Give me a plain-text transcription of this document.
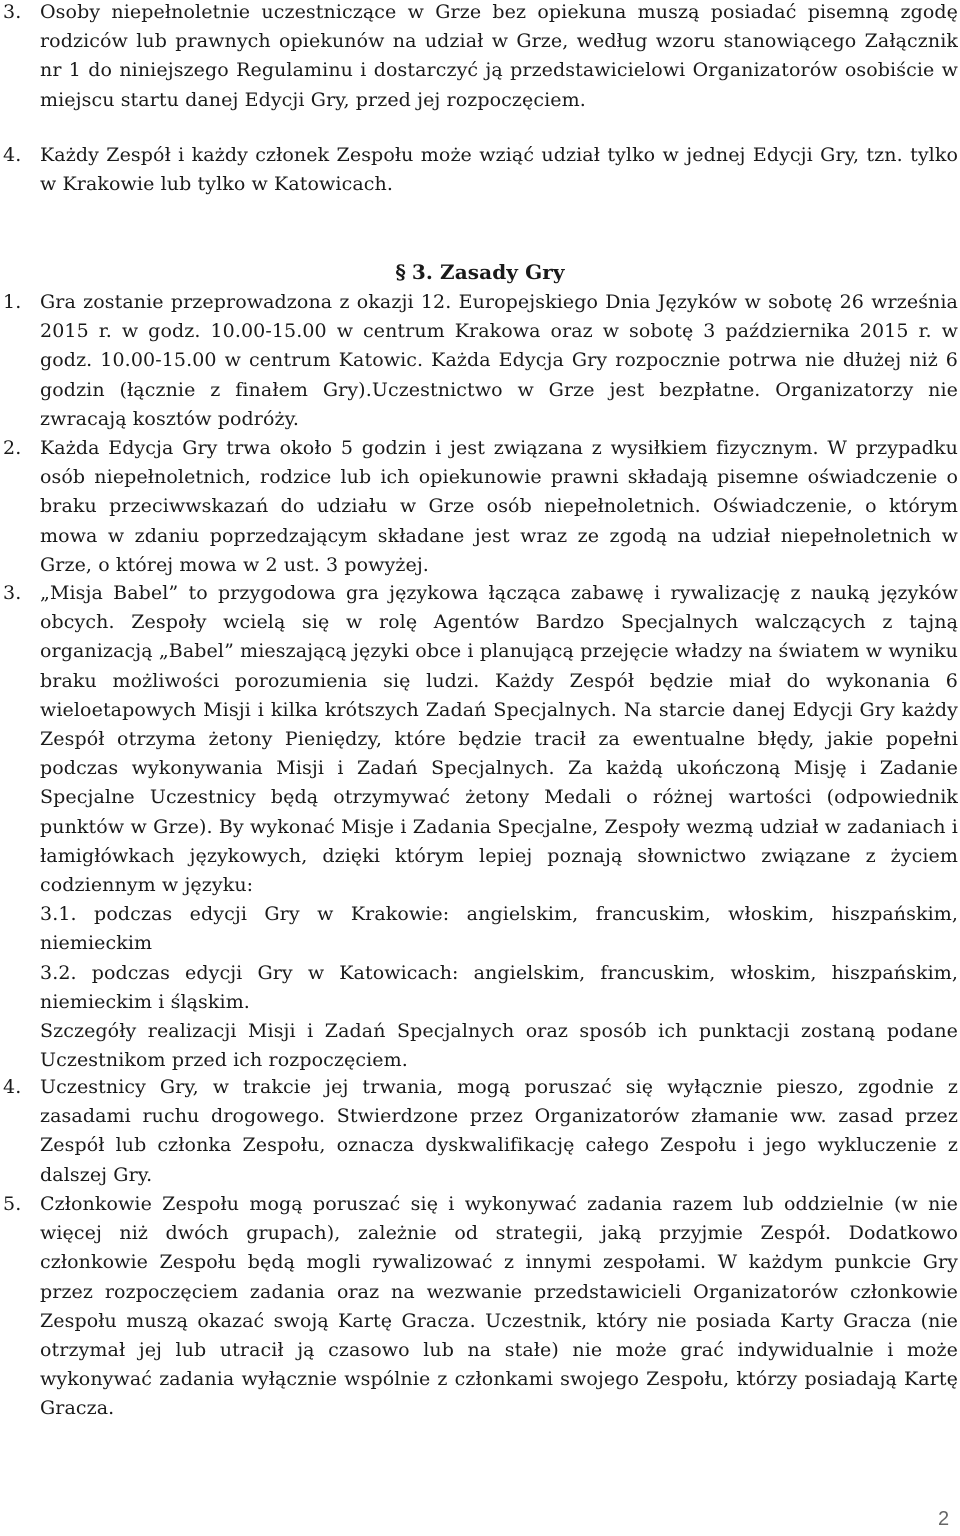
3. Osoby niepełnoletnie uczestniczące w Grze bez opiekuna muszą posiadać pisemną zgodę rodziców lub prawnych opiekunów na udział w Grze, według wzoru stanowiącego Załącznik nr 1 do niniejszego Regulaminu i dostarczyć ją przedstawicielowi Organizatorów osobiście w miejscu startu danej Edycji Gry, przed jej rozpoczęciem.
4. Każdy Zespół i każdy członek Zespołu może wziąć udział tylko w jednej Edycji Gry, tzn. tylko w Krakowie lub tylko w Katowicach.
§ 3. Zasady Gry
1. Gra zostanie przeprowadzona z okazji 12. Europejskiego Dnia Języków w sobotę 26 września 2015 r. w godz. 10.00-15.00 w centrum Krakowa oraz w sobotę 3 października 2015 r. w godz. 10.00-15.00 w centrum Katowic. Każda Edycja Gry rozpocznie potrwa nie dłużej niż 6 godzin (łącznie z finałem Gry).Uczestnictwo w Grze jest bezpłatne. Organizatorzy nie zwracają kosztów podróży.
2. Każda Edycja Gry trwa około 5 godzin i jest związana z wysiłkiem fizycznym. W przypadku osób niepełnoletnich, rodzice lub ich opiekunowie prawni składają pisemne oświadczenie o braku przeciwwskazań do udziału w Grze osób niepełnoletnich. Oświadczenie, o którym mowa w zdaniu poprzedzającym składane jest wraz ze zgodą na udział niepełnoletnich w Grze, o której mowa w 2 ust. 3 powyżej.
3. „Misja Babel” to przygodowa gra językowa łącząca zabawę i rywalizację z nauką języków obcych. Zespoły wcielą się w rolę Agentów Bardzo Specjalnych walczących z tajną organizacją „Babel” mieszającą języki obce i planującą przejęcie władzy na światem w wyniku braku możliwości porozumienia się ludzi. Każdy Zespół będzie miał do wykonania 6 wieloetapowych Misji i kilka krótszych Zadań Specjalnych. Na starcie danej Edycji Gry każdy Zespół otrzyma żetony Pieniędzy, które będzie tracił za ewentualne błędy, jakie popełni podczas wykonywania Misji i Zadań Specjalnych. Za każdą ukończoną Misję i Zadanie Specjalne Uczestnicy będą otrzymywać żetony Medali o różnej wartości (odpowiednik punktów w Grze). By wykonać Misje i Zadania Specjalne, Zespoły wezmą udział w zadaniach i łamigłówkach językowych, dzięki którym lepiej poznają słownictwo związane z życiem codziennym w języku:
3.1. podczas edycji Gry w Krakowie: angielskim, francuskim, włoskim, hiszpańskim, niemieckim
3.2. podczas edycji Gry w Katowicach: angielskim, francuskim, włoskim, hiszpańskim, niemieckim i śląskim.
Szczegóły realizacji Misji i Zadań Specjalnych oraz sposób ich punktacji zostaną podane Uczestnikom przed ich rozpoczęciem.
4. Uczestnicy Gry, w trakcie jej trwania, mogą poruszać się wyłącznie pieszo, zgodnie z zasadami ruchu drogowego. Stwierdzone przez Organizatorów złamanie ww. zasad przez Zespół lub członka Zespołu, oznacza dyskwalifikację całego Zespołu i jego wykluczenie z dalszej Gry.
5. Członkowie Zespołu mogą poruszać się i wykonywać zadania razem lub oddzielnie (w nie więcej niż dwóch grupach), zależnie od strategii, jaką przyjmie Zespół. Dodatkowo członkowie Zespołu będą mogli rywalizować z innymi zespołami. W każdym punkcie Gry przez rozpoczęciem zadania oraz na wezwanie przedstawicieli Organizatorów członkowie Zespołu muszą okazać swoją Kartę Gracza. Uczestnik, który nie posiada Karty Gracza (nie otrzymał jej lub utracił ją czasowo lub na stałe) nie może grać indywidualnie i może wykonywać zadania wyłącznie wspólnie z członkami swojego Zespołu, którzy posiadają Kartę Gracza.
2
